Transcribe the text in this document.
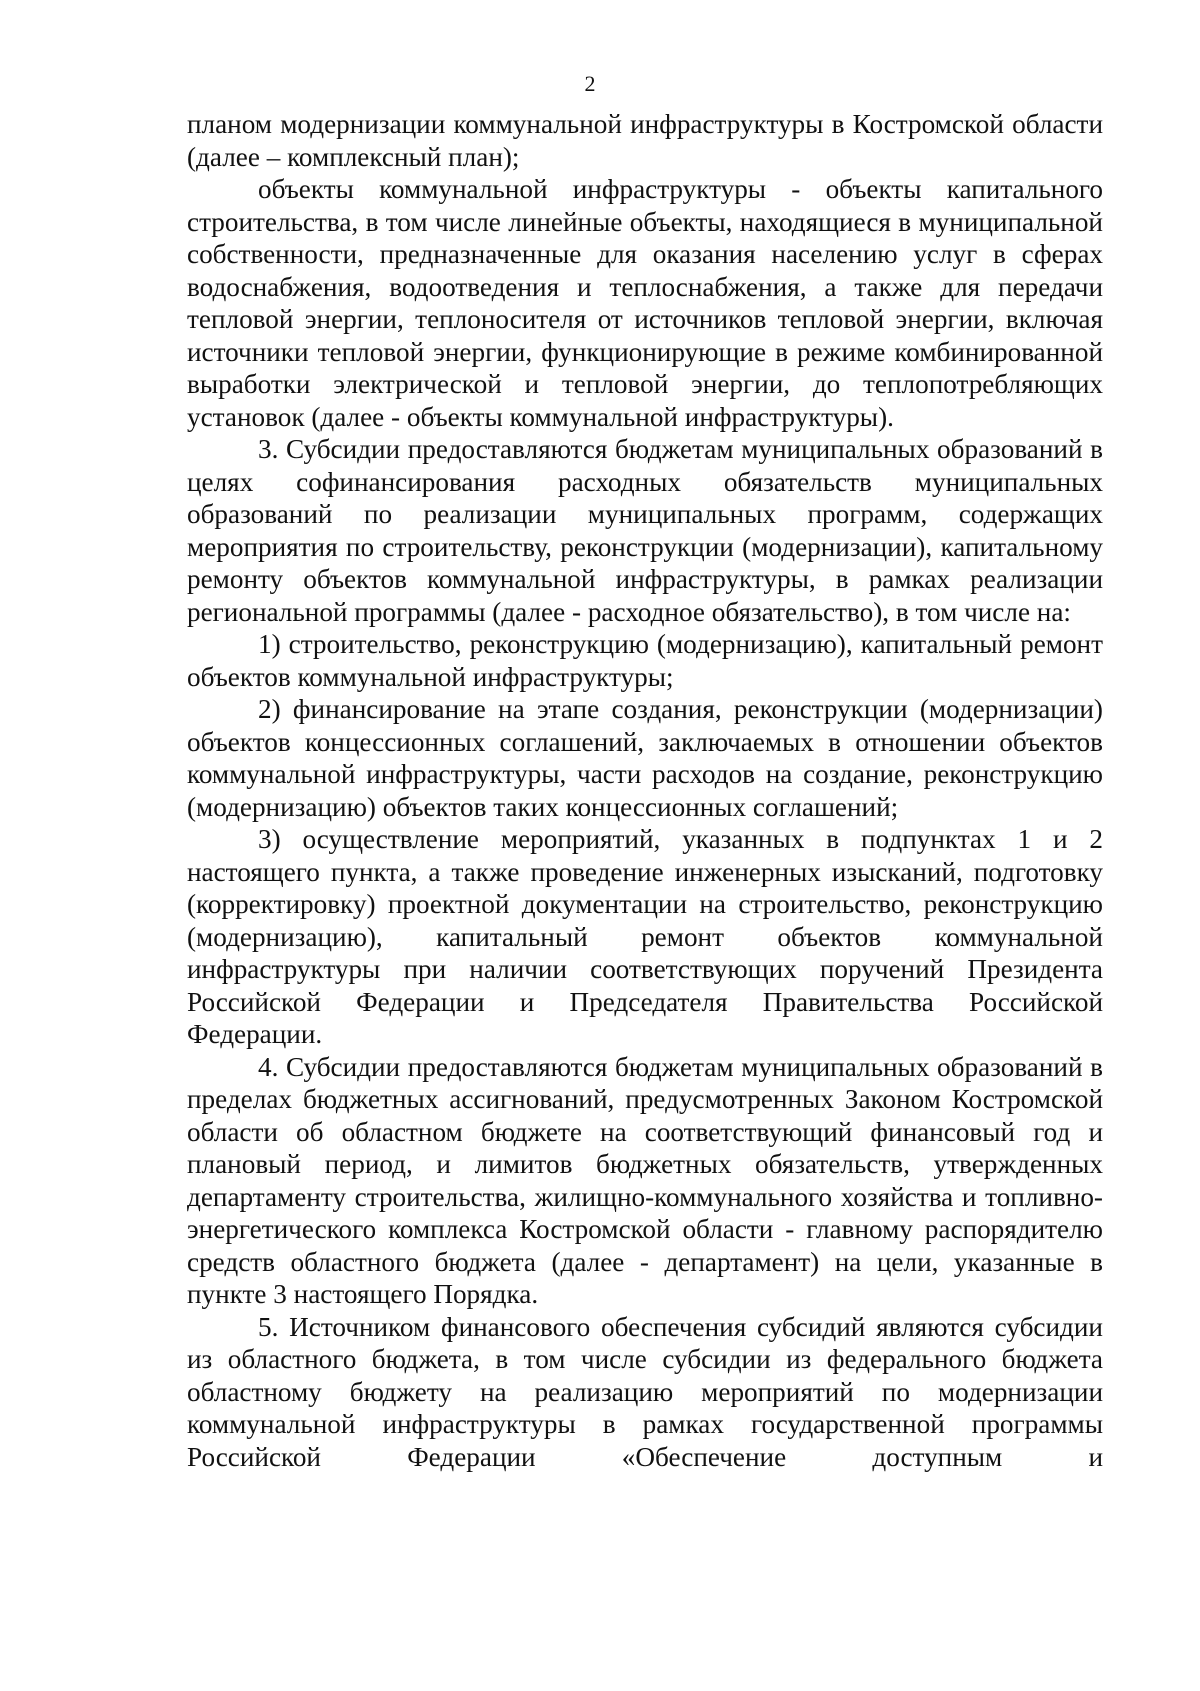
2

планом модернизации коммунальной инфраструктуры в Костромской области (далее – комплексный план);

объекты коммунальной инфраструктуры - объекты капитального строительства, в том числе линейные объекты, находящиеся в муниципальной собственности, предназначенные для оказания населению услуг в сферах водоснабжения, водоотведения и теплоснабжения, а также для передачи тепловой энергии, теплоносителя от источников тепловой энергии, включая источники тепловой энергии, функционирующие в режиме комбинированной выработки электрической и тепловой энергии, до теплопотребляющих установок (далее - объекты коммунальной инфраструктуры).

3. Субсидии предоставляются бюджетам муниципальных образований в целях софинансирования расходных обязательств муниципальных образований по реализации муниципальных программ, содержащих мероприятия по строительству, реконструкции (модернизации), капитальному ремонту объектов коммунальной инфраструктуры, в рамках реализации региональной программы (далее - расходное обязательство), в том числе на:

1) строительство, реконструкцию (модернизацию), капитальный ремонт объектов коммунальной инфраструктуры;

2) финансирование на этапе создания, реконструкции (модернизации) объектов концессионных соглашений, заключаемых в отношении объектов коммунальной инфраструктуры, части расходов на создание, реконструкцию (модернизацию) объектов таких концессионных соглашений;

3) осуществление мероприятий, указанных в подпунктах 1 и 2 настоящего пункта, а также проведение инженерных изысканий, подготовку (корректировку) проектной документации на строительство, реконструкцию (модернизацию), капитальный ремонт объектов коммунальной инфраструктуры при наличии соответствующих поручений Президента Российской Федерации и Председателя Правительства Российской Федерации.

4. Субсидии предоставляются бюджетам муниципальных образований в пределах бюджетных ассигнований, предусмотренных Законом Костромской области об областном бюджете на соответствующий финансовый год и плановый период, и лимитов бюджетных обязательств, утвержденных департаменту строительства, жилищно-коммунального хозяйства и топливно-энергетического комплекса Костромской области - главному распорядителю средств областного бюджета (далее - департамент) на цели, указанные в пункте 3 настоящего Порядка.

5. Источником финансового обеспечения субсидий являются субсидии из областного бюджета, в том числе субсидии из федерального бюджета областному бюджету на реализацию мероприятий по модернизации коммунальной инфраструктуры в рамках государственной программы Российской Федерации «Обеспечение доступным и
